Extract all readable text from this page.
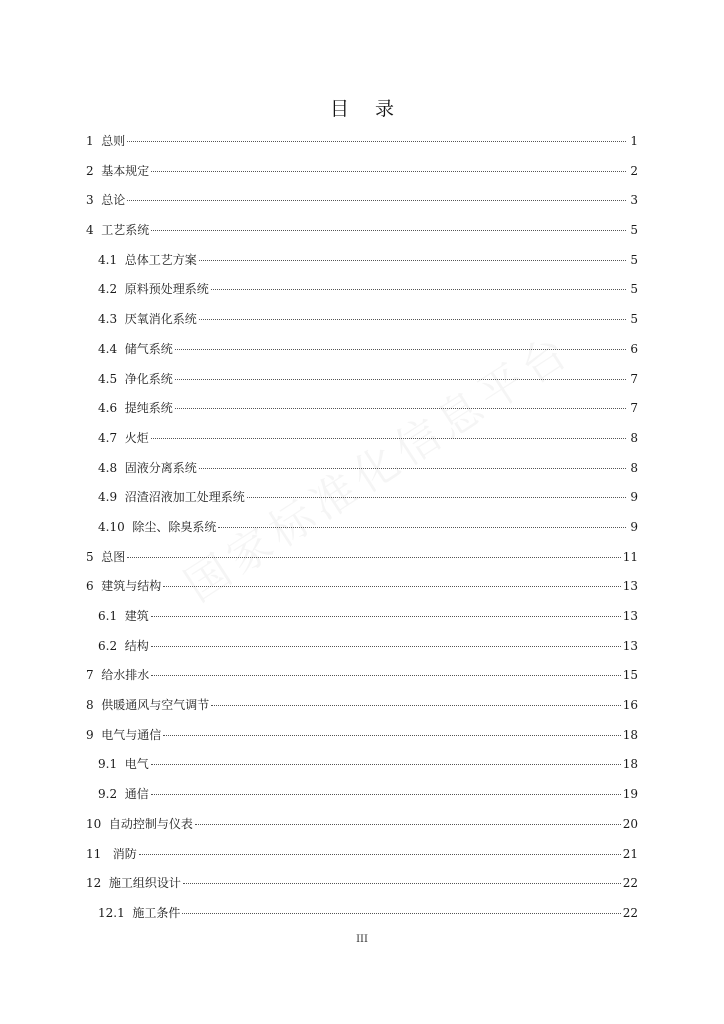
目 录
1  总则	1
2  基本规定	2
3  总论	3
4  工艺系统	5
4.1  总体工艺方案	5
4.2  原料预处理系统	5
4.3  厌氧消化系统	5
4.4  储气系统	6
4.5  净化系统	7
4.6  提纯系统	7
4.7  火炬	8
4.8  固液分离系统	8
4.9  沼渣沼液加工处理系统	9
4.10  除尘、除臭系统	9
5  总图	11
6  建筑与结构	13
6.1  建筑	13
6.2  结构	13
7  给水排水	15
8  供暖通风与空气调节	16
9  电气与通信	18
9.1  电气	18
9.2  通信	19
10  自动控制与仪表	20
11   消防	21
12  施工组织设计	22
12.1  施工条件	22
III
